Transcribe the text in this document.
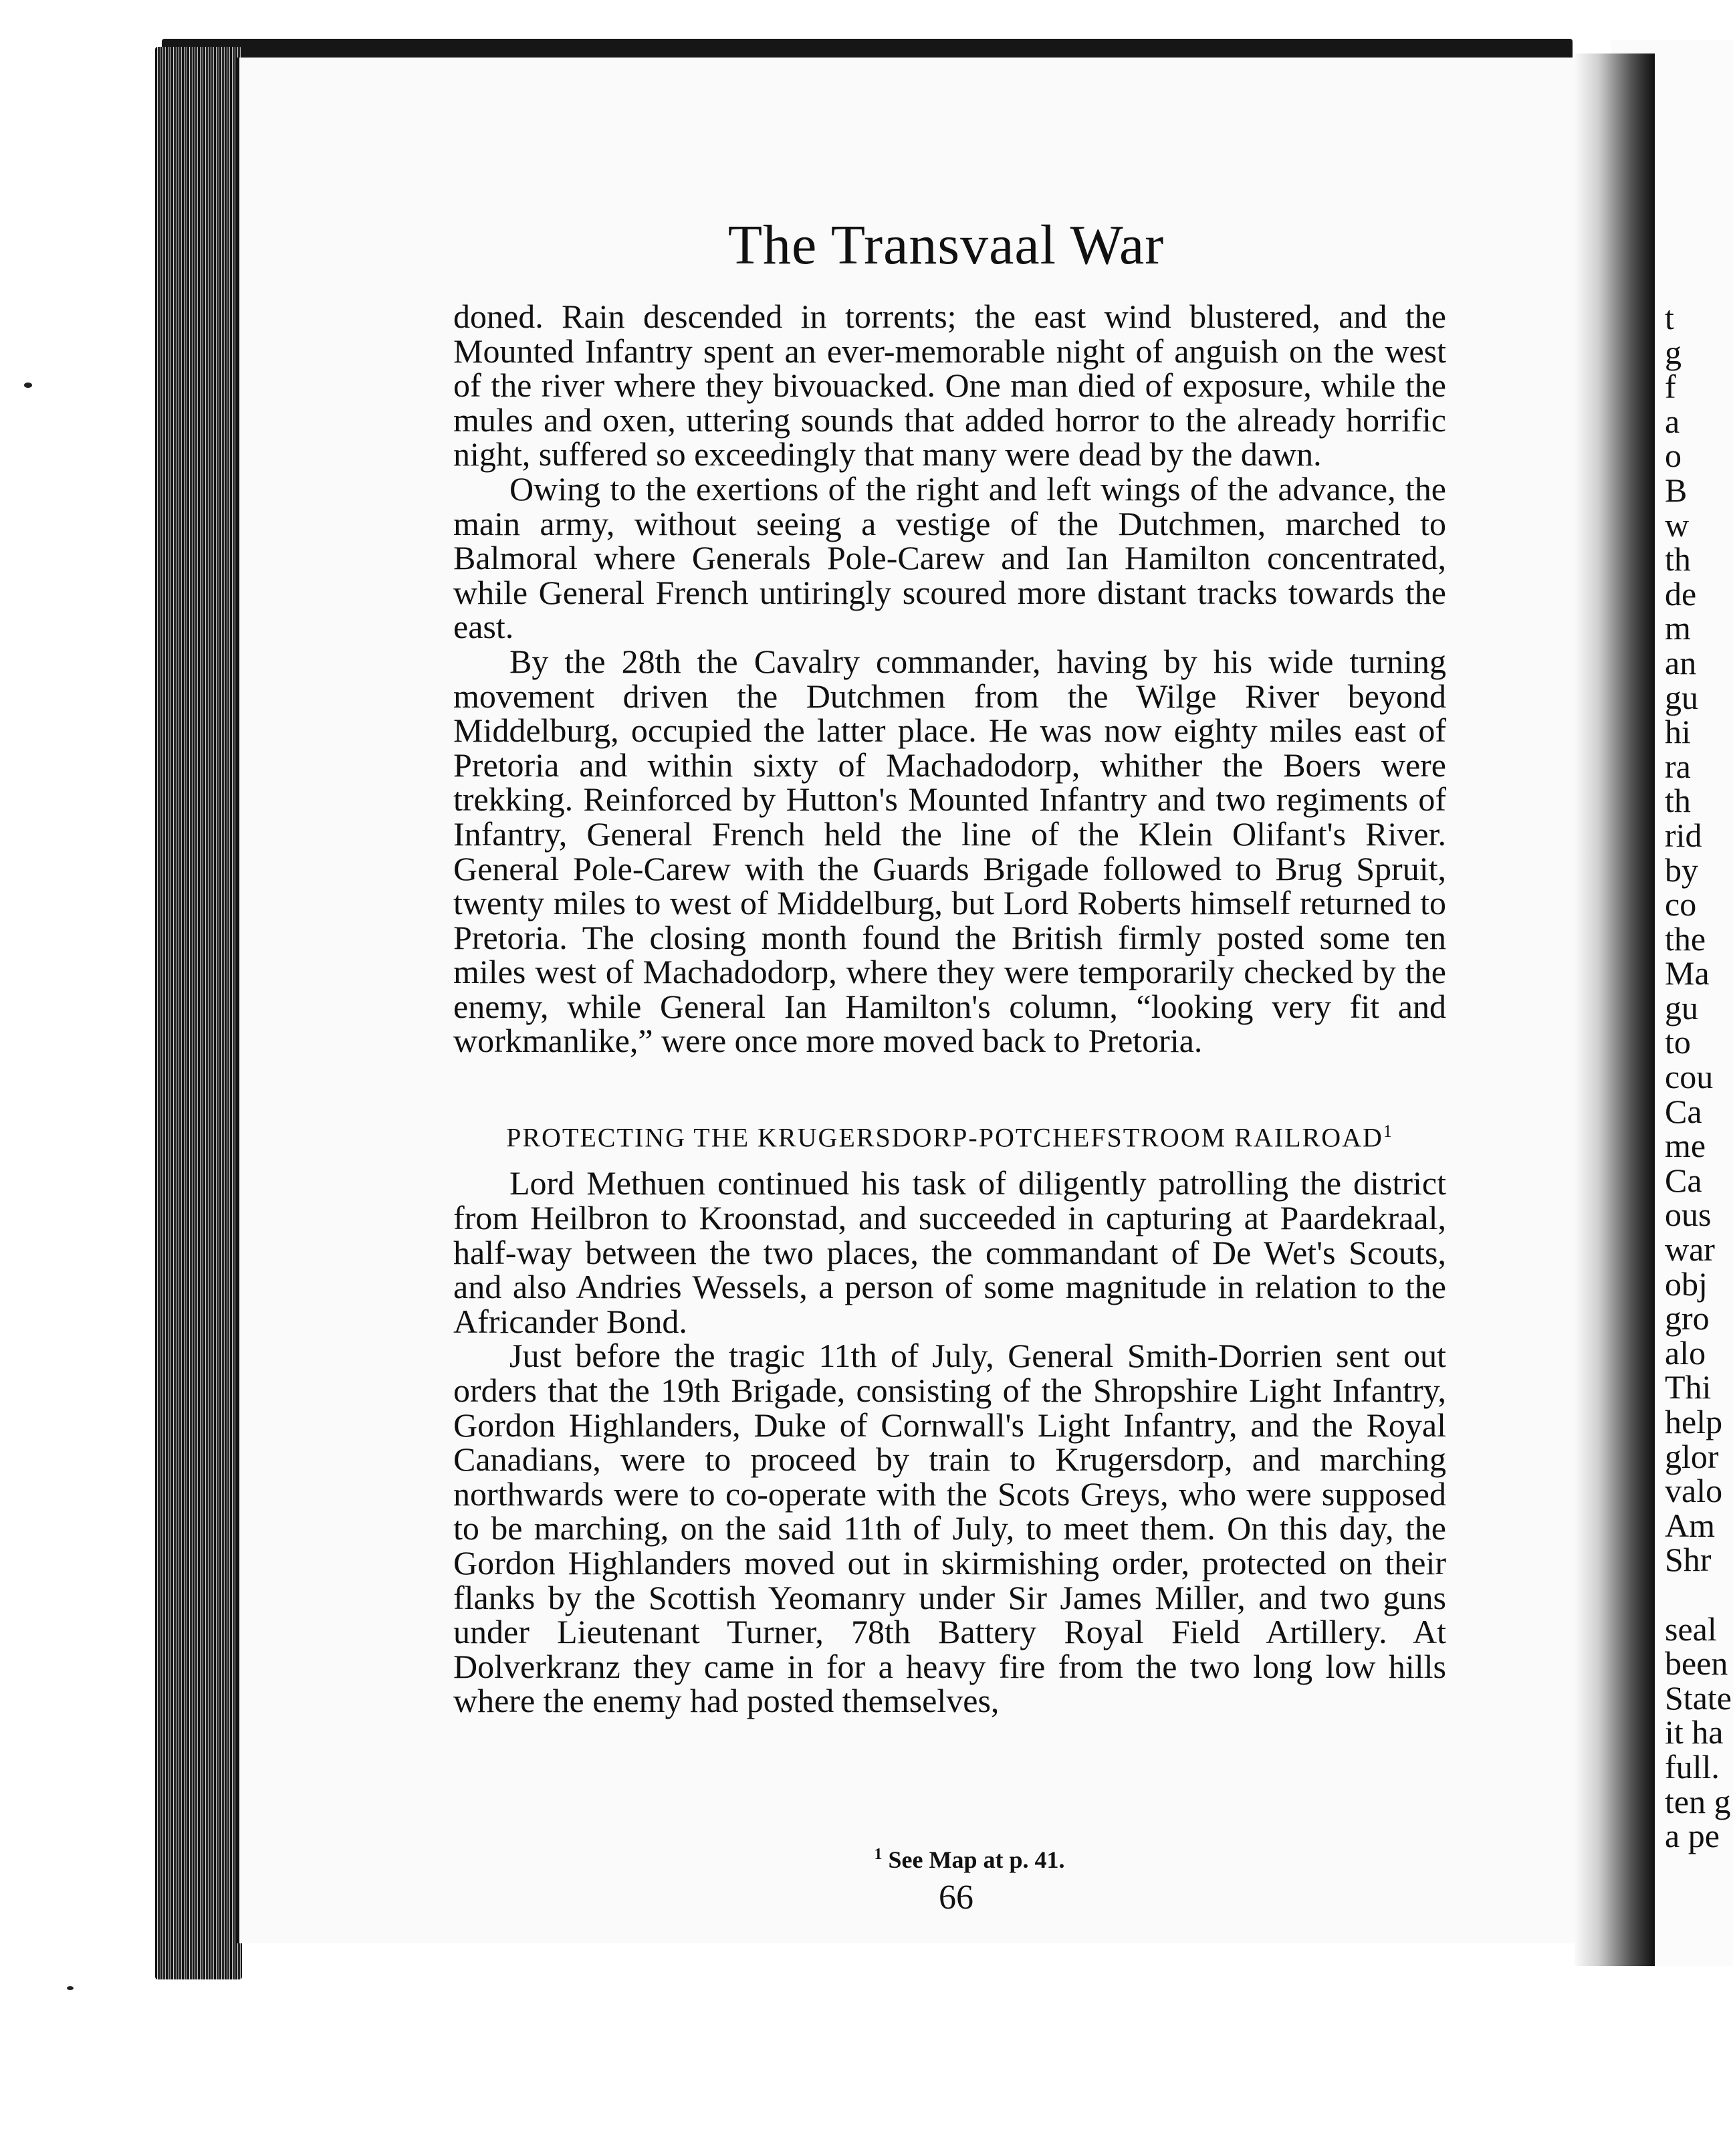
The Transvaal War

doned. Rain descended in torrents; the east wind blustered, and the Mounted Infantry spent an ever-memorable night of anguish on the west of the river where they bivouacked. One man died of exposure, while the mules and oxen, uttering sounds that added horror to the already horrific night, suffered so exceedingly that many were dead by the dawn.

Owing to the exertions of the right and left wings of the advance, the main army, without seeing a vestige of the Dutchmen, marched to Balmoral where Generals Pole-Carew and Ian Hamilton concentrated, while General French untiringly scoured more distant tracks towards the east.

By the 28th the Cavalry commander, having by his wide turning movement driven the Dutchmen from the Wilge River beyond Middelburg, occupied the latter place. He was now eighty miles east of Pretoria and within sixty of Machadodorp, whither the Boers were trekking. Reinforced by Hutton's Mounted Infantry and two regiments of Infantry, General French held the line of the Klein Olifant's River. General Pole-Carew with the Guards Brigade followed to Brug Spruit, twenty miles to west of Middelburg, but Lord Roberts himself returned to Pretoria. The closing month found the British firmly posted some ten miles west of Machadodorp, where they were temporarily checked by the enemy, while General Ian Hamilton's column, “looking very fit and workmanlike,” were once more moved back to Pretoria.

PROTECTING THE KRUGERSDORP-POTCHEFSTROOM RAILROAD$^1$

Lord Methuen continued his task of diligently patrolling the district from Heilbron to Kroonstad, and succeeded in capturing at Paardekraal, half-way between the two places, the commandant of De Wet's Scouts, and also Andries Wessels, a person of some magnitude in relation to the Africander Bond.

Just before the tragic 11th of July, General Smith-Dorrien sent out orders that the 19th Brigade, consisting of the Shropshire Light Infantry, Gordon Highlanders, Duke of Cornwall's Light Infantry, and the Royal Canadians, were to proceed by train to Krugersdorp, and marching northwards were to co-operate with the Scots Greys, who were supposed to be marching, on the said 11th of July, to meet them. On this day, the Gordon Highlanders moved out in skirmishing order, protected on their flanks by the Scottish Yeomanry under Sir James Miller, and two guns under Lieutenant Turner, 78th Battery Royal Field Artillery. At Dolverkranz they came in for a heavy fire from the two long low hills where the enemy had posted themselves,

$^1$ See Map at p. 41.
66
t
g
f
a
o
B
w
th
de
m
an
gu
hi
ra
th
rid
by
co
the
Ma
gu
to
cou
Ca
me
Ca
ous
war
obj
gro
alo
Thi
help
glor
valo
Am
Shr
seal
been
State
it ha
full.
ten g
a pe
